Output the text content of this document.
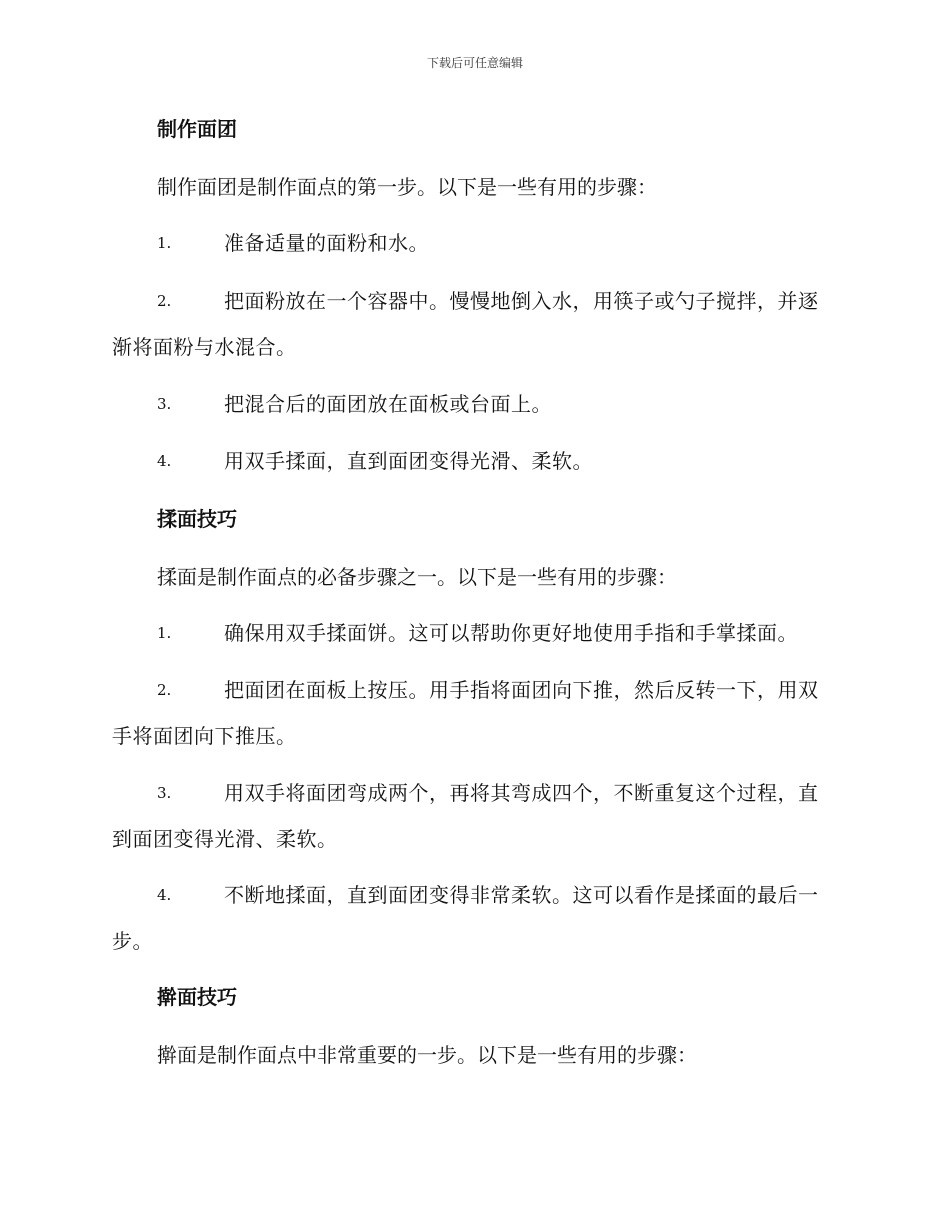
下载后可任意编辑
制作面团
制作面团是制作面点的第一步。以下是一些有用的步骤：
1.	准备适量的面粉和水。
2.	把面粉放在一个容器中。慢慢地倒入水，用筷子或勺子搅拌，并逐渐将面粉与水混合。
3.	把混合后的面团放在面板或台面上。
4.	用双手揉面，直到面团变得光滑、柔软。
揉面技巧
揉面是制作面点的必备步骤之一。以下是一些有用的步骤：
1.	确保用双手揉面饼。这可以帮助你更好地使用手指和手掌揉面。
2.	把面团在面板上按压。用手指将面团向下推，然后反转一下，用双手将面团向下推压。
3.	用双手将面团弯成两个，再将其弯成四个，不断重复这个过程，直到面团变得光滑、柔软。
4.	不断地揉面，直到面团变得非常柔软。这可以看作是揉面的最后一步。
擀面技巧
擀面是制作面点中非常重要的一步。以下是一些有用的步骤：
